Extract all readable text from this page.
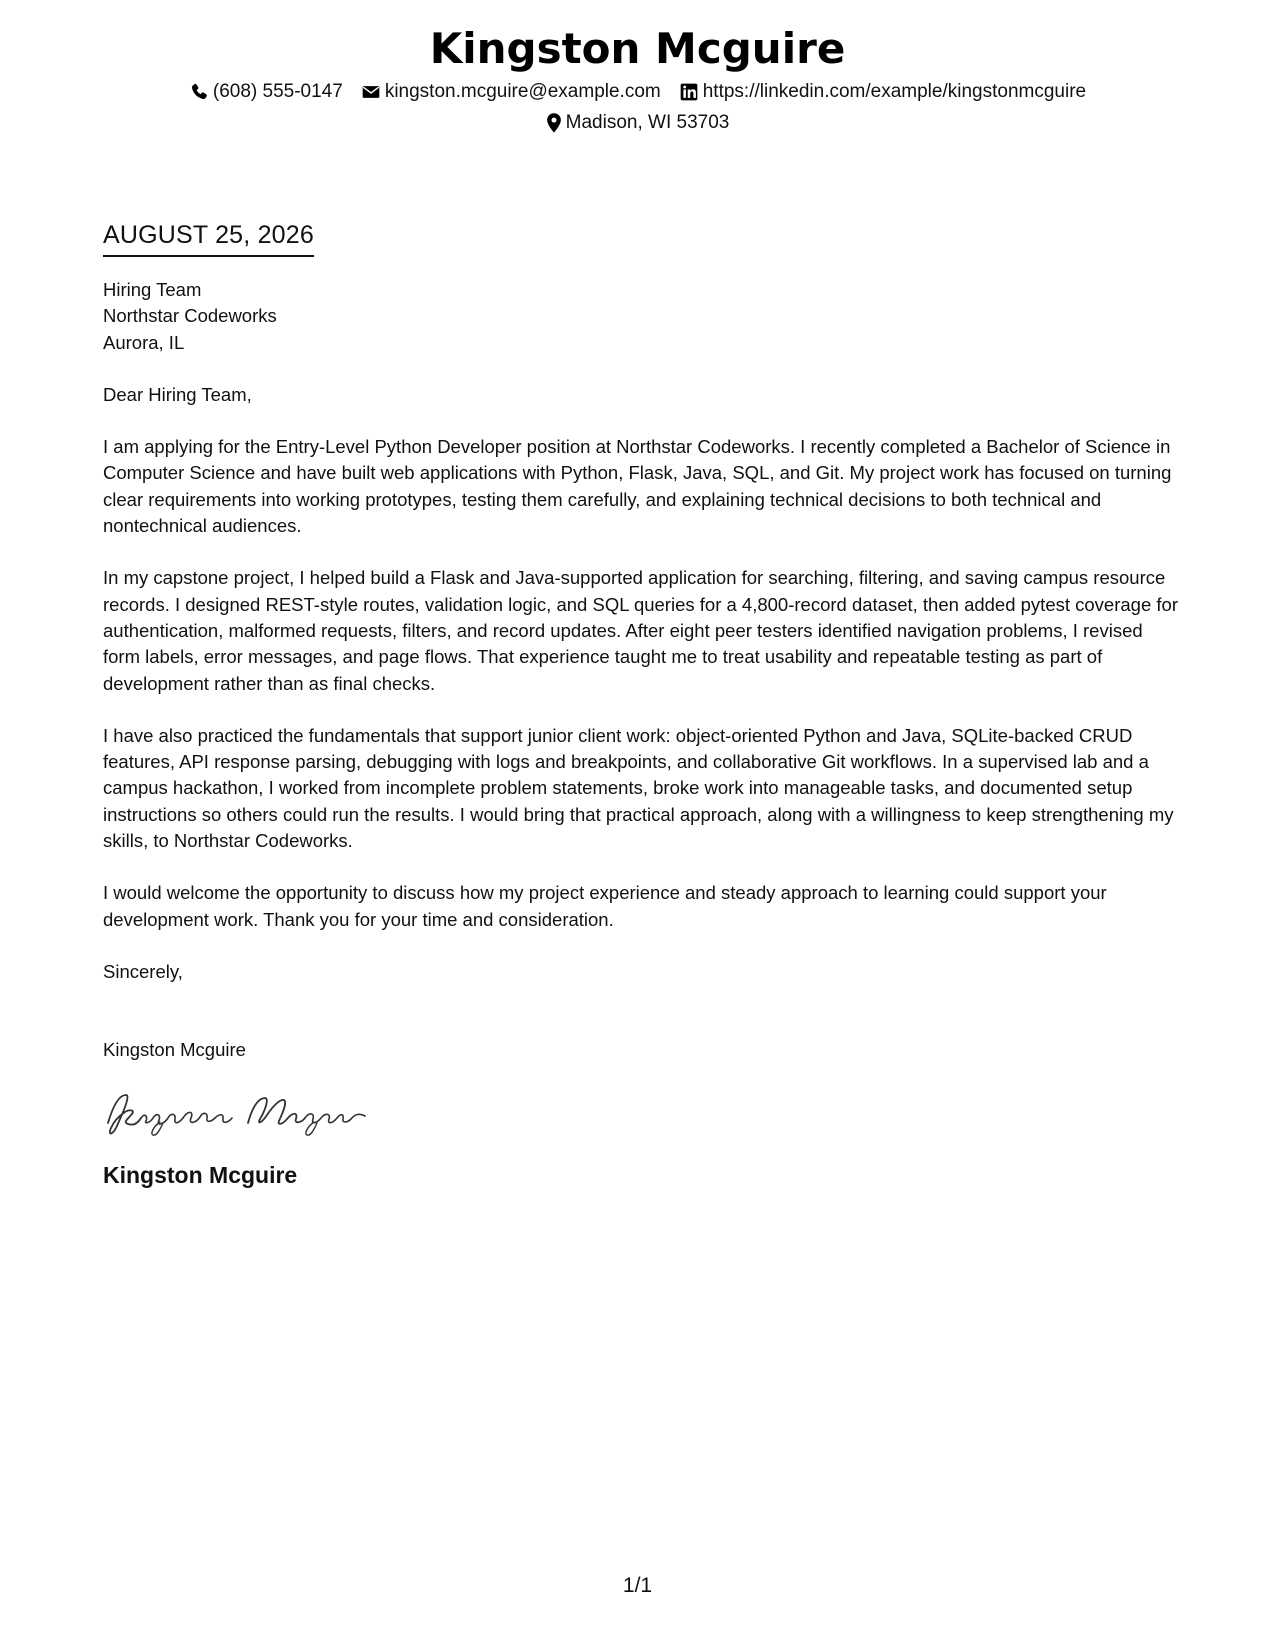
Kingston Mcguire
(608) 555-0147 kingston.mcguire@example.com https://linkedin.com/example/kingstonmcguire
Madison, WI 53703
AUGUST 25, 2026
Hiring Team
Northstar Codeworks
Aurora, IL
Dear Hiring Team,

I am applying for the Entry-Level Python Developer position at Northstar Codeworks. I recently completed a Bachelor of Science in Computer Science and have built web applications with Python, Flask, Java, SQL, and Git. My project work has focused on turning clear requirements into working prototypes, testing them carefully, and explaining technical decisions to both technical and nontechnical audiences.

In my capstone project, I helped build a Flask and Java-supported application for searching, filtering, and saving campus resource records. I designed REST-style routes, validation logic, and SQL queries for a 4,800-record dataset, then added pytest coverage for authentication, malformed requests, filters, and record updates. After eight peer testers identified navigation problems, I revised form labels, error messages, and page flows. That experience taught me to treat usability and repeatable testing as part of development rather than as final checks.

I have also practiced the fundamentals that support junior client work: object-oriented Python and Java, SQLite-backed CRUD features, API response parsing, debugging with logs and breakpoints, and collaborative Git workflows. In a supervised lab and a campus hackathon, I worked from incomplete problem statements, broke work into manageable tasks, and documented setup instructions so others could run the results. I would bring that practical approach, along with a willingness to keep strengthening my skills, to Northstar Codeworks.

I would welcome the opportunity to discuss how my project experience and steady approach to learning could support your development work. Thank you for your time and consideration.

Sincerely,
Kingston Mcguire
Kingston Mcguire
1/1
